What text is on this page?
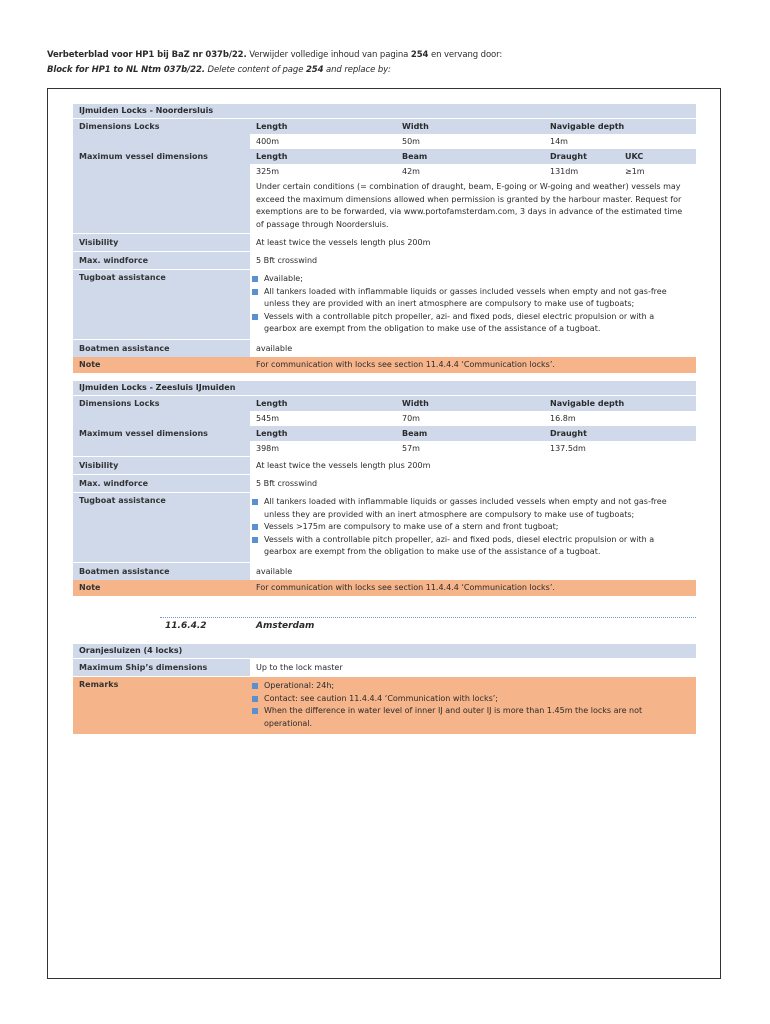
Verbeterblad voor HP1 bij BaZ nr 037b/22. Verwijder volledige inhoud van pagina 254 en vervang door:
Block for HP1 to NL Ntm 037b/22. Delete content of page 254 and replace by:
IJmuiden Locks - Noordersluis
Dimensions Locks	Length	Width	Navigable depth
400m	50m	14m
Maximum vessel dimensions	Length	Beam	Draught	UKC
325m	42m	131dm	≥1m
Under certain conditions (= combination of draught, beam, E-going or W-going and weather) vessels may exceed the maximum dimensions allowed when permission is granted by the harbour master. Request for exemptions are to be forwarded, via www.portofamsterdam.com, 3 days in advance of the estimated time of passage through Noordersluis.
Visibility	At least twice the vessels length plus 200m
Max. windforce	5 Bft crosswind
Tugboat assistance	Available;
All tankers loaded with inflammable liquids or gasses included vessels when empty and not gas-free unless they are provided with an inert atmosphere are compulsory to make use of tugboats;
Vessels with a controllable pitch propeller, azi- and fixed pods, diesel electric propulsion or with a gearbox are exempt from the obligation to make use of the assistance of a tugboat.
Boatmen assistance	available
Note	For communication with locks see section 11.4.4.4 ‘Communication locks’.
IJmuiden Locks - Zeesluis IJmuiden
Dimensions Locks	Length	Width	Navigable depth
545m	70m	16.8m
Maximum vessel dimensions	Length	Beam	Draught
398m	57m	137.5dm
Visibility	At least twice the vessels length plus 200m
Max. windforce	5 Bft crosswind
Tugboat assistance	All tankers loaded with inflammable liquids or gasses included vessels when empty and not gas-free unless they are provided with an inert atmosphere are compulsory to make use of tugboats;
Vessels >175m are compulsory to make use of a stern and front tugboat;
Vessels with a controllable pitch propeller, azi- and fixed pods, diesel electric propulsion or with a gearbox are exempt from the obligation to make use of the assistance of a tugboat.
Boatmen assistance	available
Note	For communication with locks see section 11.4.4.4 ‘Communication locks’.
11.6.4.2	Amsterdam
Oranjesluizen (4 locks)
Maximum Ship’s dimensions	Up to the lock master
Remarks	Operational: 24h;
Contact: see caution 11.4.4.4 ‘Communication with locks’;
When the difference in water level of inner IJ and outer IJ is more than 1.45m the locks are not operational.
